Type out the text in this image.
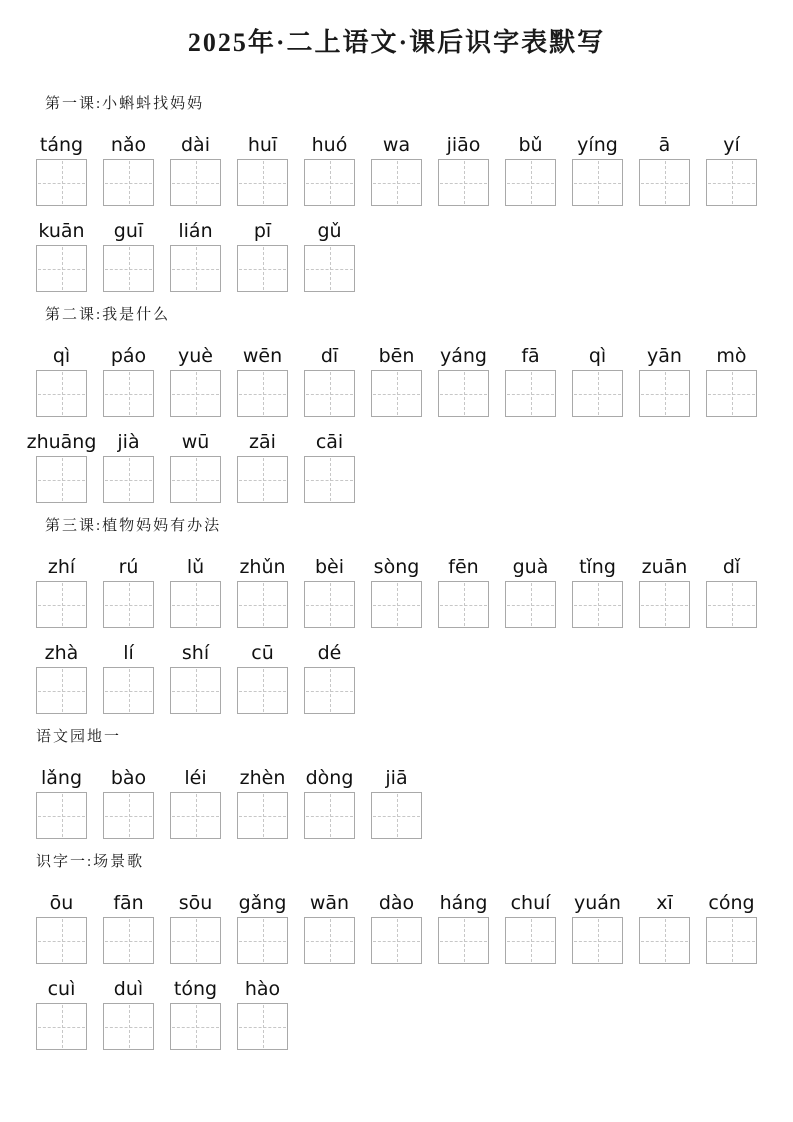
2025年·二上语文·课后识字表默写
第一课:小蝌蚪找妈妈
táng nǎo dài huī huó wa jiāo bǔ yíng ā	yí
kuān guī lián pī gǔ
第二课:我是什么
qì páo yuè wēn dī bēn yáng fā	qì yān mò
zhuāng jià wū zāi cāi
第三课:植物妈妈有办法
zhí rú	lǔ zhǔn bèi sòng fēn guà tǐng zuān dǐ
zhà lí	shí cū dé
语文园地一
lǎng bào léi zhèn dòng jiā
识字一:场景歌
ōu fān sōu gǎng wān dào háng chuí yuán xī cóng
cuì duì tóng hào
